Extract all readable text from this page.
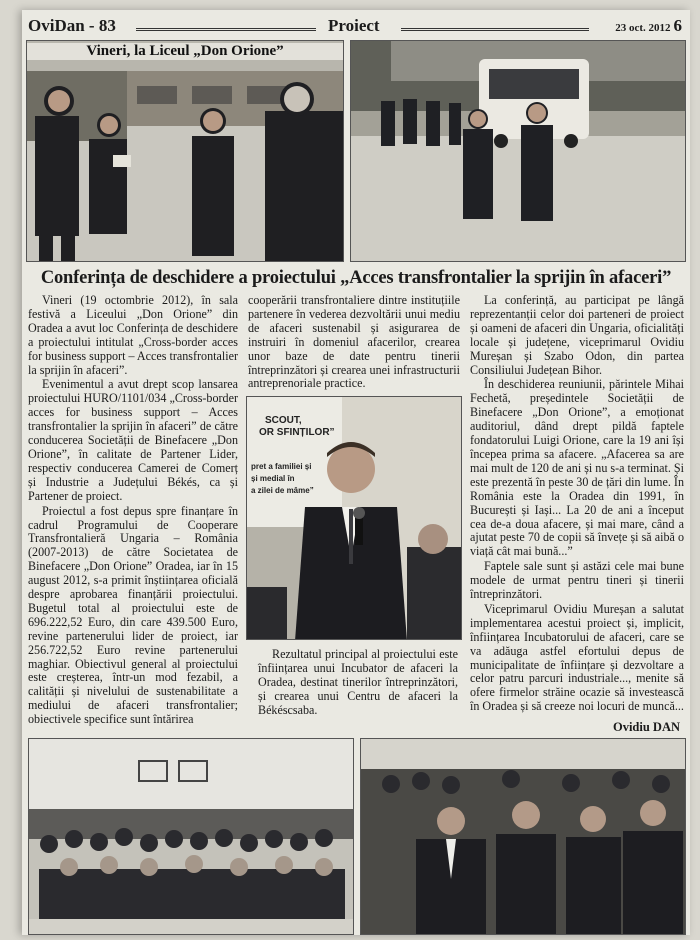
OviDan - 83	Proiect	23 oct. 2012 6
Vineri, la Liceul „Don Orione”
Conferința de deschidere a proiectului „Acces transfrontalier la sprijin în afaceri”

Vineri (19 octombrie 2012), în sala festivă a Liceului „Don Orione” din Oradea a avut loc Conferința de deschidere a proiectului intitulat „Cross-border acces for business support – Acces transfrontalier la sprijin în afaceri”.

Evenimentul a avut drept scop lansarea proiectului HURO/1101/034 „Cross-border acces for business support – Acces transfrontalier la sprijin în afaceri” de către conducerea Societății de Binefacere „Don Orione”, în calitate de Partener Lider, respectiv conducerea Camerei de Comerț și Industrie a Județului Békés, ca și Partener de proiect.

Proiectul a fost depus spre finanțare în cadrul Programului de Cooperare Transfrontalieră Ungaria – România (2007-2013) de către Societatea de Binefacere „Don Orione” Oradea, iar în 15 august 2012, s-a primit înștiințarea oficială despre aprobarea finanțării proiectului. Bugetul total al proiectului este de 696.222,52 Euro, din care 439.500 Euro, revine partenerului lider de proiect, iar 256.722,52 Euro revine partenerului maghiar. Obiectivul general al proiectului este creșterea, într-un mod fezabil, a calității și nivelului de sustenabilitate a mediului de afaceri transfrontalier; obiectivele specifice sunt întărirea

cooperării transfrontaliere dintre instituțiile partenere în vederea dezvoltării unui mediu de afaceri sustenabil și asigurarea de instruiri în domeniul afacerilor, crearea unor baze de date pentru tinerii întreprinzători și crearea unei infrastructurii antreprenoriale practice.

SCOUT,
OR SFINȚILOR”
pret a familiei și
și medial în
a zilei de mâme”

Rezultatul principal al proiectului este înființarea unui Incubator de afaceri la Oradea, destinat tinerilor întreprinzători, și crearea unui Centru de afaceri la Békéscsaba.

La conferință, au participat pe lângă reprezentanții celor doi parteneri de proiect și oameni de afaceri din Ungaria, oficialități locale și județene, viceprimarul Ovidiu Mureșan și Szabo Odon, din partea Consiliului Județean Bihor.

În deschiderea reuniunii, părintele Mihai Fechetă, președintele Societății de Binefacere „Don Orione”, a emoționat auditoriul, dând drept pildă faptele fondatorului Luigi Orione, care la 19 ani își începea prima sa afacere. „Afacerea sa are mai mult de 120 de ani și nu s-a terminat. Și este prezentă în peste 30 de țări din lume. În România este la Oradea din 1991, în București și Iași... La 20 de ani a început cea de-a doua afacere, și mai mare, când a ajutat peste 70 de copii să învețe și să aibă o viață cât mai bună...”

Faptele sale sunt și astăzi cele mai bune modele de urmat pentru tineri și tinerii întreprinzători.

Viceprimarul Ovidiu Mureșan a salutat implementarea acestui proiect și, implicit, înființarea Incubatorului de afaceri, care se va adăuga astfel efortului depus de municipalitate de înființare și dezvoltare a celor patru parcuri industriale..., menite să ofere firmelor străine ocazie să investească în Oradea și să creeze noi locuri de muncă...

Ovidiu DAN
